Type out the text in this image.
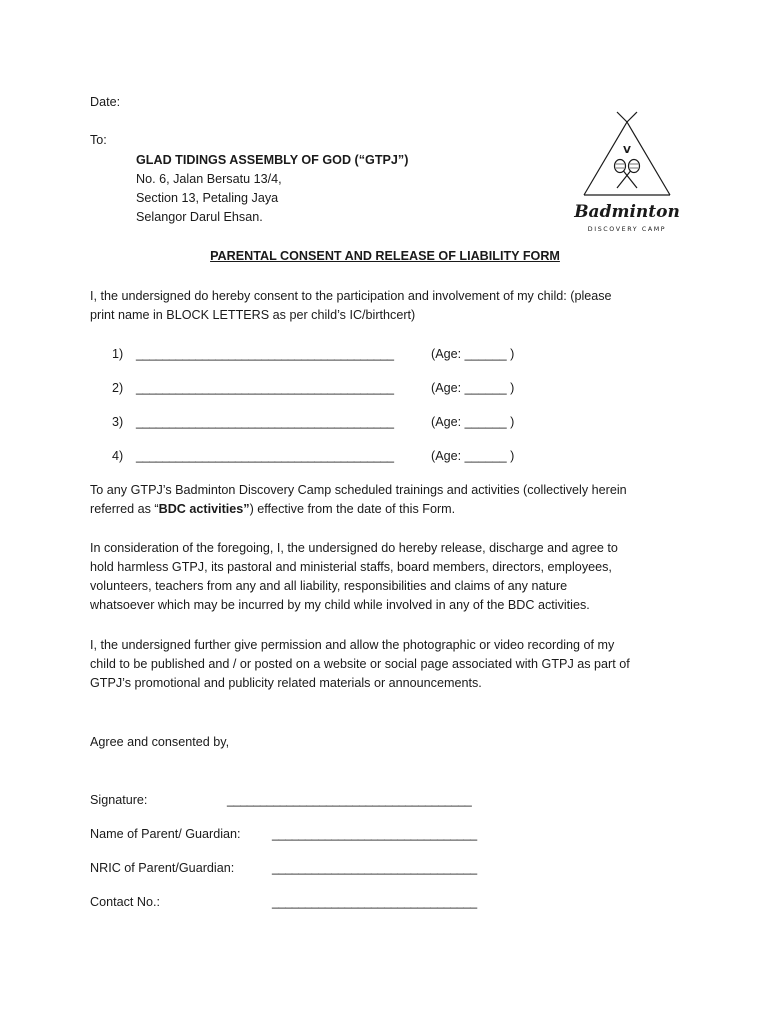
Date:
To:
GLAD TIDINGS ASSEMBLY OF GOD (“GTPJ”)
No. 6, Jalan Bersatu 13/4,
Section 13, Petaling Jaya
Selangor Darul Ehsan.
V
Badminton
DISCOVERY CAMP
PARENTAL CONSENT AND RELEASE OF LIABILITY FORM
I, the undersigned do hereby consent to the participation and involvement of my child: (please
print name in BLOCK LETTERS as per child’s IC/birthcert)
1) _______________________________________	(Age: ______ )
2) _______________________________________	(Age: ______ )
3) _______________________________________	(Age: ______ )
4) _______________________________________	(Age: ______ )
To any GTPJ’s Badminton Discovery Camp scheduled trainings and activities (collectively herein
referred as “BDC activities”) effective from the date of this Form.
In consideration of the foregoing, I, the undersigned do hereby release, discharge and agree to
hold harmless GTPJ, its pastoral and ministerial staffs, board members, directors, employees,
volunteers, teachers from any and all liability, responsibilities and claims of any nature
whatsoever which may be incurred by my child while involved in any of the BDC activities.
I, the undersigned further give permission and allow the photographic or video recording of my
child to be published and / or posted on a website or social page associated with GTPJ as part of
GTPJ’s promotional and publicity related materials or announcements.
Agree and consented by,
Signature:	_____________________________________
Name of Parent/ Guardian: _______________________________
NRIC of Parent/Guardian:	_______________________________
Contact No.:	_______________________________
